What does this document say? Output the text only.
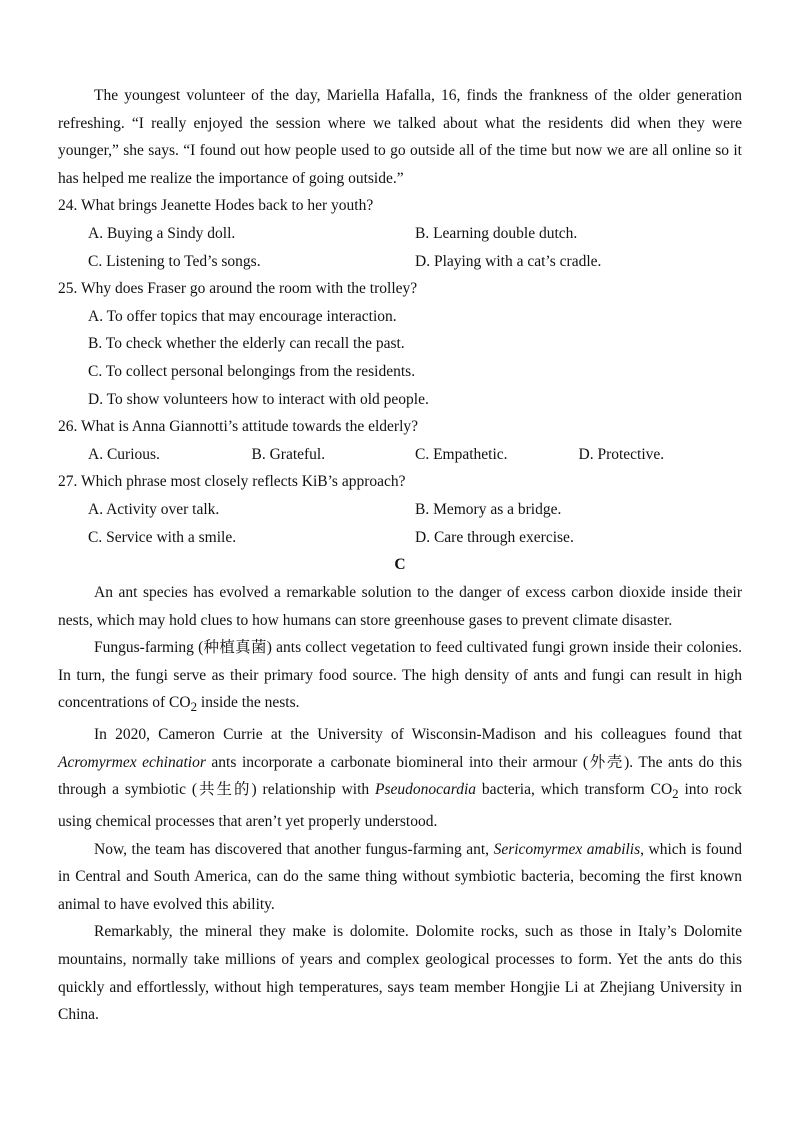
The youngest volunteer of the day, Mariella Hafalla, 16, finds the frankness of the older generation refreshing. “I really enjoyed the session where we talked about what the residents did when they were younger,” she says. “I found out how people used to go outside all of the time but now we are all online so it has helped me realize the importance of going outside.”

24. What brings Jeanette Hodes back to her youth?

A. Buying a Sindy doll.	B. Learning double dutch.
C. Listening to Ted’s songs.	D. Playing with a cat’s cradle.

25. Why does Fraser go around the room with the trolley?

A. To offer topics that may encourage interaction.
B. To check whether the elderly can recall the past.
C. To collect personal belongings from the residents.
D. To show volunteers how to interact with old people.

26. What is Anna Giannotti’s attitude towards the elderly?

A. Curious.	B. Grateful.	C. Empathetic.	D. Protective.

27. Which phrase most closely reflects KiB’s approach?

A. Activity over talk.	B. Memory as a bridge.
C. Service with a smile.	D. Care through exercise.

C

An ant species has evolved a remarkable solution to the danger of excess carbon dioxide inside their nests, which may hold clues to how humans can store greenhouse gases to prevent climate disaster.

Fungus-farming (种植真菌) ants collect vegetation to feed cultivated fungi grown inside their colonies. In turn, the fungi serve as their primary food source. The high density of ants and fungi can result in high concentrations of $CO_2$ inside the nests.

In 2020, Cameron Currie at the University of Wisconsin-Madison and his colleagues found that Acromyrmex echinatior ants incorporate a carbonate biomineral into their armour (外壳). The ants do this through a symbiotic (共生的) relationship with Pseudonocardia bacteria, which transform $CO_2$ into rock using chemical processes that aren’t yet properly understood.

Now, the team has discovered that another fungus-farming ant, Sericomyrmex amabilis, which is found in Central and South America, can do the same thing without symbiotic bacteria, becoming the first known animal to have evolved this ability.

Remarkably, the mineral they make is dolomite. Dolomite rocks, such as those in Italy’s Dolomite mountains, normally take millions of years and complex geological processes to form. Yet the ants do this quickly and effortlessly, without high temperatures, says team member Hongjie Li at Zhejiang University in China.
